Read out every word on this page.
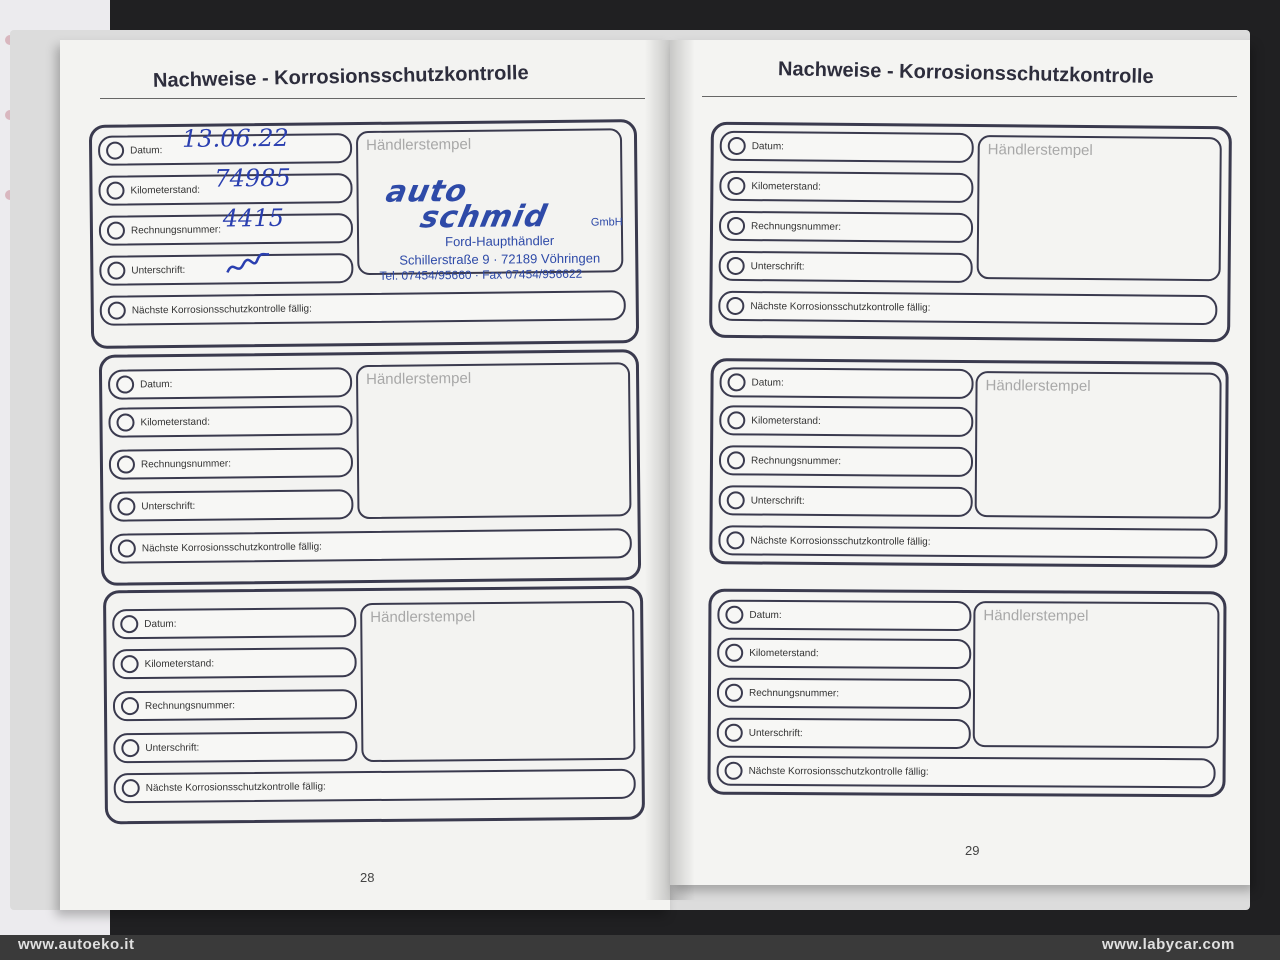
Nachweise - Korrosionsschutzkontrolle
Datum:
Kilometerstand:
Rechnungsnummer:
Unterschrift:
Nächste Korrosionsschutzkontrolle fällig:
Händlerstempel
auto
schmid	GmbH
Ford-Haupthändler
Schillerstraße 9 · 72189 Vöhringen
Tel. 07454/95660 · Fax 07454/956622
13.06.22
74985
4415
Datum:
Kilometerstand:
Rechnungsnummer:
Unterschrift:
Nächste Korrosionsschutzkontrolle fällig:
Händlerstempel
Datum:
Kilometerstand:
Rechnungsnummer:
Unterschrift:
Nächste Korrosionsschutzkontrolle fällig:
Händlerstempel
28
Nachweise - Korrosionsschutzkontrolle
Datum:
Kilometerstand:
Rechnungsnummer:
Unterschrift:
Nächste Korrosionsschutzkontrolle fällig:
Händlerstempel
Datum:
Kilometerstand:
Rechnungsnummer:
Unterschrift:
Nächste Korrosionsschutzkontrolle fällig:
Händlerstempel
Datum:
Kilometerstand:
Rechnungsnummer:
Unterschrift:
Nächste Korrosionsschutzkontrolle fällig:
Händlerstempel
29
www.autoeko.it	www.labycar.com
